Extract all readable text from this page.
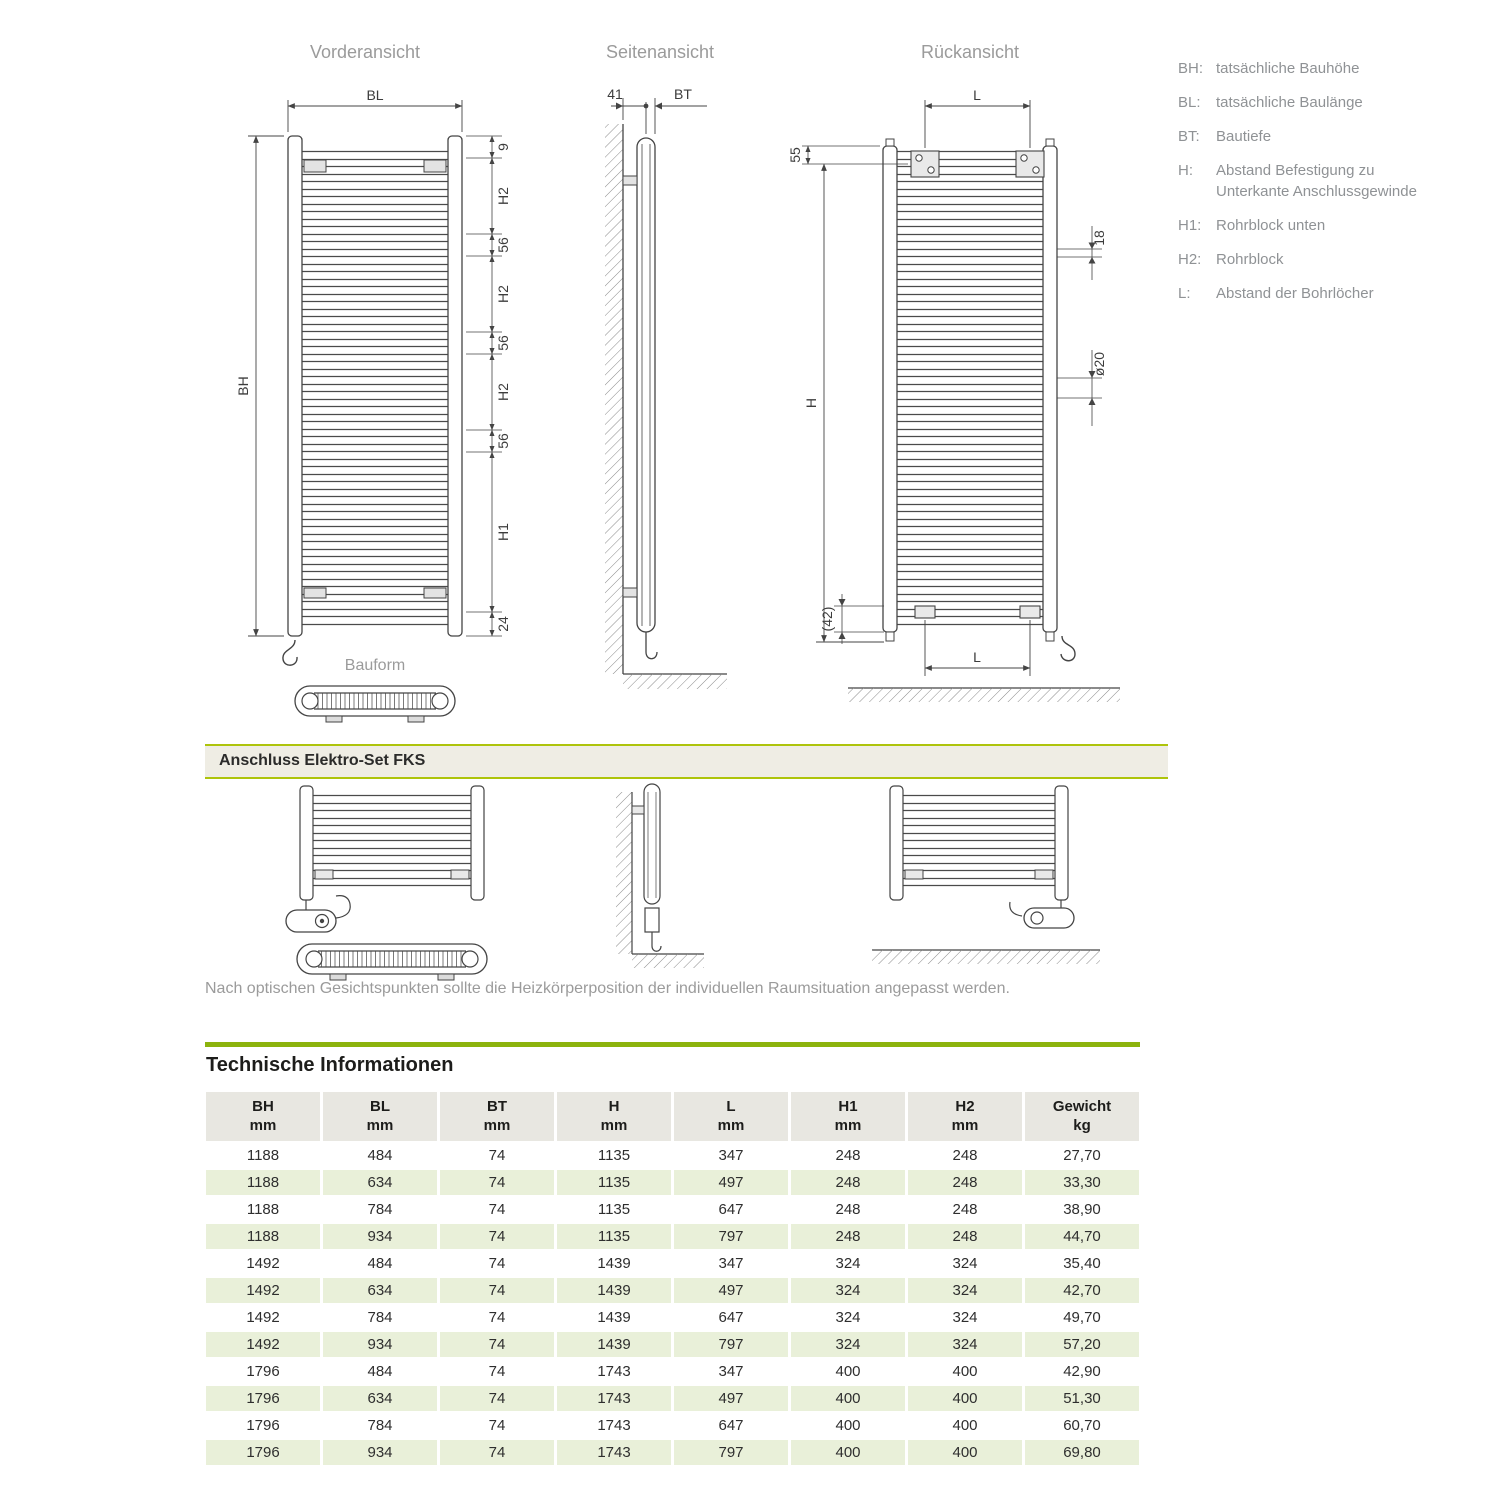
Vorderansicht	Seitenansicht	Rückansicht
BL
BH
9
H2
56
H2
56
H2
56
H1
24
Bauform
41	BT	L
55
H
18
ø20
(42)
L
BH: tatsächliche Bauhöhe
BL:	tatsächliche Baulänge
BT:	Bautiefe
H:	Abstand Befestigung zu Unterkante Anschlussgewinde
H1: Rohrblock unten
H2: Rohrblock
L:	Abstand der Bohrlöcher
Anschluss Elektro-Set FKS
Nach optischen Gesichtspunkten sollte die Heizkörperposition der individuellen Raumsituation angepasst werden.
Technische Informationen
BH
mm

BL
mm

BT
mm

H
mm

L
mm

H1
mm

H2
mm

Gewicht
kg

1188	484	74	1135	347	248	248	27,70
1188	634	74	1135	497	248	248	33,30
1188	784	74	1135	647	248	248	38,90
1188	934	74	1135	797	248	248	44,70
1492	484	74	1439	347	324	324	35,40
1492	634	74	1439	497	324	324	42,70
1492	784	74	1439	647	324	324	49,70
1492	934	74	1439	797	324	324	57,20
1796	484	74	1743	347	400	400	42,90
1796	634	74	1743	497	400	400	51,30
1796	784	74	1743	647	400	400	60,70
1796	934	74	1743	797	400	400	69,80
